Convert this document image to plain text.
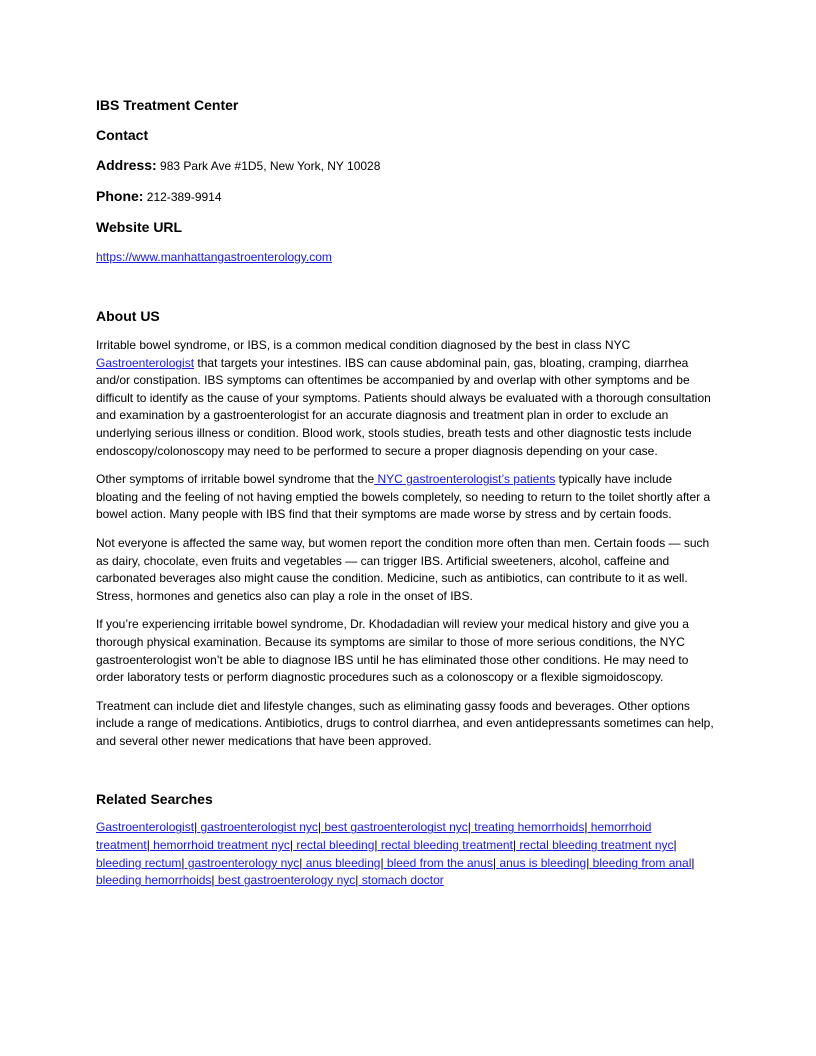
IBS Treatment Center
Contact
Address: 983 Park Ave #1D5, New York, NY 10028
Phone: 212-389-9914
Website URL
https://www.manhattangastroenterology.com
About US

Irritable bowel syndrome, or IBS, is a common medical condition diagnosed by the best in class NYC Gastroenterologist that targets your intestines. IBS can cause abdominal pain, gas, bloating, cramping, diarrhea and/or constipation. IBS symptoms can oftentimes be accompanied by and overlap with other symptoms and be difficult to identify as the cause of your symptoms. Patients should always be evaluated with a thorough consultation and examination by a gastroenterologist for an accurate diagnosis and treatment plan in order to exclude an underlying serious illness or condition. Blood work, stools studies, breath tests and other diagnostic tests include endoscopy/colonoscopy may need to be performed to secure a proper diagnosis depending on your case.

Other symptoms of irritable bowel syndrome that the NYC gastroenterologist’s patients typically have include bloating and the feeling of not having emptied the bowels completely, so needing to return to the toilet shortly after a bowel action. Many people with IBS find that their symptoms are made worse by stress and by certain foods.

Not everyone is affected the same way, but women report the condition more often than men. Certain foods — such as dairy, chocolate, even fruits and vegetables — can trigger IBS. Artificial sweeteners, alcohol, caffeine and carbonated beverages also might cause the condition. Medicine, such as antibiotics, can contribute to it as well. Stress, hormones and genetics also can play a role in the onset of IBS.

If you’re experiencing irritable bowel syndrome, Dr. Khodadadian will review your medical history and give you a thorough physical examination. Because its symptoms are similar to those of more serious conditions, the NYC gastroenterologist won’t be able to diagnose IBS until he has eliminated those other conditions. He may need to order laboratory tests or perform diagnostic procedures such as a colonoscopy or a flexible sigmoidoscopy.

Treatment can include diet and lifestyle changes, such as eliminating gassy foods and beverages. Other options include a range of medications. Antibiotics, drugs to control diarrhea, and even antidepressants sometimes can help, and several other newer medications that have been approved.

Related Searches

Gastroenterologist| gastroenterologist nyc| best gastroenterologist nyc| treating hemorrhoids| hemorrhoid treatment| hemorrhoid treatment nyc| rectal bleeding| rectal bleeding treatment| rectal bleeding treatment nyc| bleeding rectum| gastroenterology nyc| anus bleeding| bleed from the anus| anus is bleeding| bleeding from anal| bleeding hemorrhoids| best gastroenterology nyc| stomach doctor
